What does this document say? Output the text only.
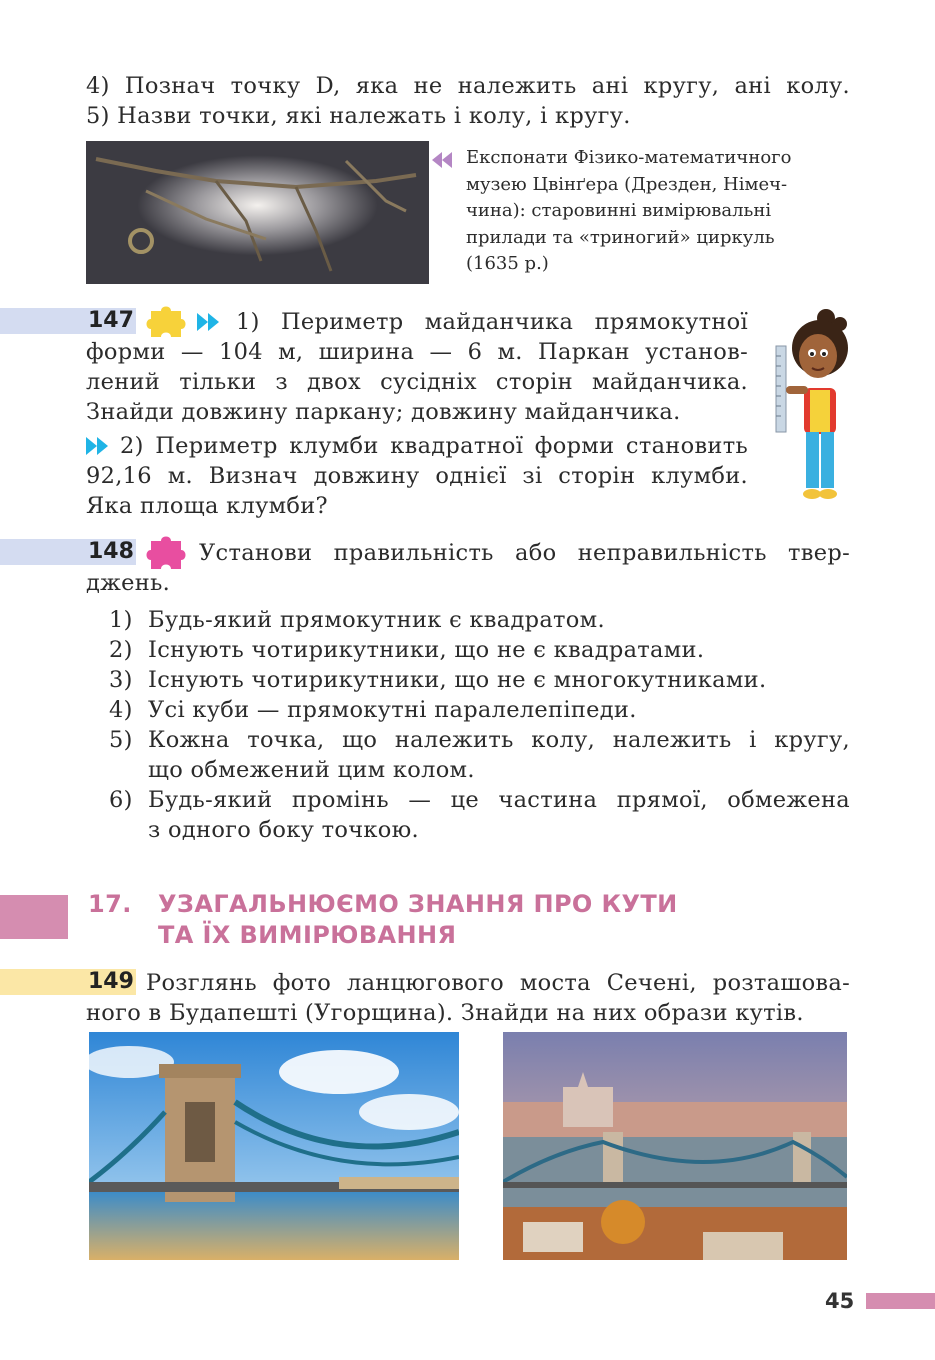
4) Познач точку D, яка не належить ані кругу, ані колу.
5) Назви точки, які належать і колу, і кругу.
Експонати Фізико-математичного
музею Цвінґера (Дрезден, Німеч-
чина): старовинні вимірювальні
прилади та «триногий» циркуль
(1635 р.)
147	1) Периметр майданчика прямокутної
форми — 104 м, ширина — 6 м. Паркан установ-
лений тільки з двох сусідніх сторін майданчика.
Знайди довжину паркану; довжину майданчика.
2) Периметр клумби квадратної форми становить
92,16 м. Визнач довжину однієї зі сторін клумби.
Яка площа клумби?
148	Установи правильність або неправильність твер-
джень.
1) Будь-який прямокутник є квадратом.
2) Існують чотирикутники, що не є квадратами.
3) Існують чотирикутники, що не є многокутниками.
4) Усі куби — прямокутні паралелепіпеди.
5) Кожна точка, що належить колу, належить і кругу,
що обмежений цим колом.
6) Будь-який промінь — це частина прямої, обмежена
з одного боку точкою.
17. УЗАГАЛЬНЮЄМО ЗНАННЯ ПРО КУТИ
ТА ЇХ ВИМІРЮВАННЯ
149 Розглянь фото ланцюгового моста Сечені, розташова-
ного в Будапешті (Угорщина). Знайди на них образи кутів.
45
